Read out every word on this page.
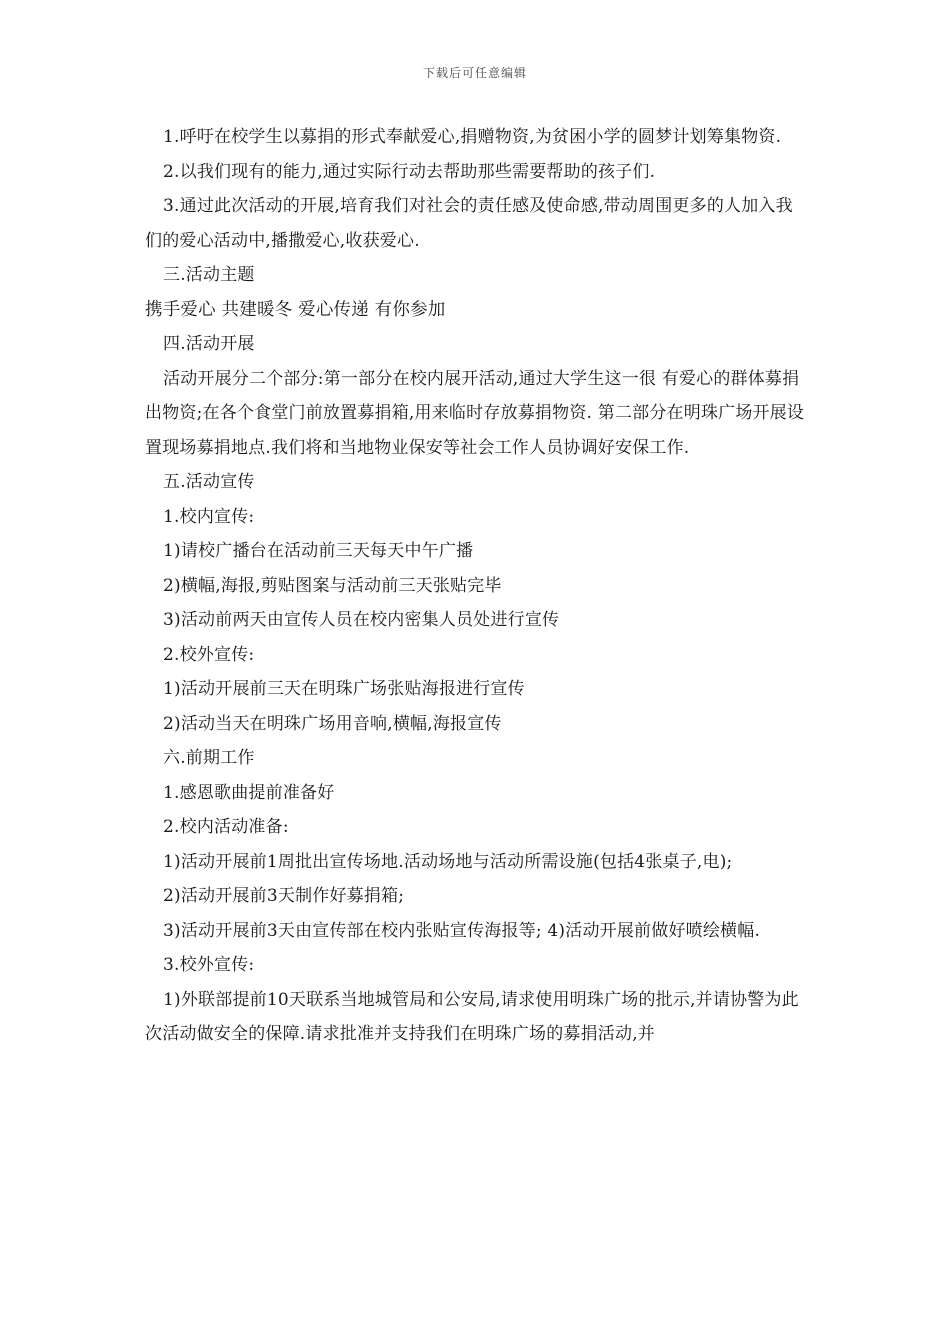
下载后可任意编辑

1.呼吁在校学生以募捐的形式奉献爱心,捐赠物资,为贫困小学的圆梦计划筹集物资.

2.以我们现有的能力,通过实际行动去帮助那些需要帮助的孩子们.

3.通过此次活动的开展,培育我们对社会的责任感及使命感,带动周围更多的人加入我们的爱心活动中,播撒爱心,收获爱心.

三.活动主题

携手爱心 共建暖冬 爱心传递 有你参加

四.活动开展

活动开展分二个部分:第一部分在校内展开活动,通过大学生这一很 有爱心的群体募捐出物资;在各个食堂门前放置募捐箱,用来临时存放募捐物资. 第二部分在明珠广场开展设置现场募捐地点.我们将和当地物业保安等社会工作人员协调好安保工作.

五.活动宣传

1.校内宣传:

1)请校广播台在活动前三天每天中午广播

2)横幅,海报,剪贴图案与活动前三天张贴完毕

3)活动前两天由宣传人员在校内密集人员处进行宣传

2.校外宣传:

1)活动开展前三天在明珠广场张贴海报进行宣传

2)活动当天在明珠广场用音响,横幅,海报宣传

六.前期工作

1.感恩歌曲提前准备好

2.校内活动准备:

1)活动开展前1周批出宣传场地.活动场地与活动所需设施(包括4张桌子,电);

2)活动开展前3天制作好募捐箱;

3)活动开展前3天由宣传部在校内张贴宣传海报等; 4)活动开展前做好喷绘横幅.

3.校外宣传:

1)外联部提前10天联系当地城管局和公安局,请求使用明珠广场的批示,并请协警为此次活动做安全的保障.请求批准并支持我们在明珠广场的募捐活动,并
